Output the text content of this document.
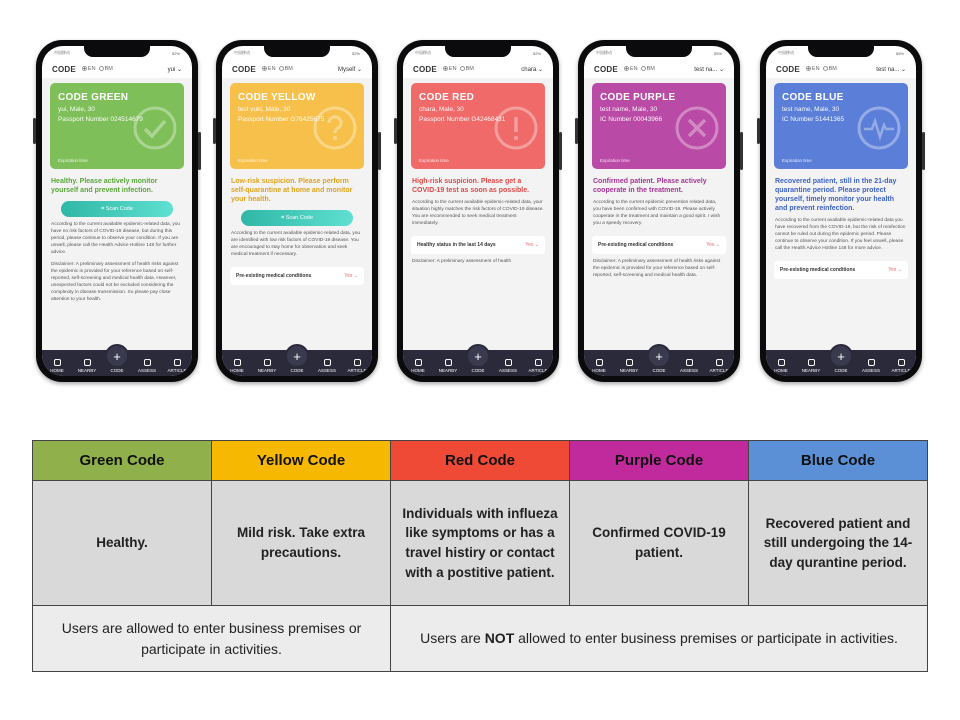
中国移动	52%
CODE	EN	BM	yui ⌄
CODE GREEN
yui, Male, 30
Passport Number 024514679
Expiration time
Healthy. Please actively monitor yourself and prevent infection.
⌗ Scan Code
According to the current available epidemic-related data, you have no risk factors of COVID-19 disease, but during this period, please continue to observe your condition. If you are unwell, please call the Health Advice Hotline 148 for further advice.
Disclaimer: A preliminary assessment of health risks against the epidemic is provided for your reference based on self-reported, self-screening and medical health data. However, unexpected factors could not be excluded considering the complexity in disease transmission. So please pay close attention to your health.
HOME	NEARBY	CODE	ASSESS	ARTICLE
+
中国移动	52%
CODE	EN	BM	Myself ⌄
CODE YELLOW
test yuki, Male, 30
Passport Number G76425675
Expiration time
Low-risk suspicion. Please perform self-quarantine at home and monitor your health.
⌗ Scan Code
According to the current available epidemic-related data, you are identified with low risk factors of COVID-19 disease. You are encouraged to stay home for observation and seek medical treatment if necessary.
Pre-existing medical conditions	Yes ⌄
HOME	NEARBY	CODE	ASSESS	ARTICLE
+
中国移动	52%
CODE	EN	BM	chara ⌄
CODE RED
chara, Male, 30
Passport Number G42468431
Expiration time
High-risk suspicion. Please get a COVID-19 test as soon as possible.
According to the current available epidemic-related data, your situation highly matches the risk factors of COVID-19 disease. You are recommended to seek medical treatment immediately.
Healthy status in the last 14 days	Yes ⌄
Disclaimer: A preliminary assessment of health
HOME	NEARBY	CODE	ASSESS	ARTICLE
+
中国移动	55%
CODE	EN	BM	test na... ⌄
CODE PURPLE
test name, Male, 30
IC Number 00043966
Expiration time
Confirmed patient. Please actively cooperate in the treatment.
According to the current epidemic prevention related data, you have been confirmed with COVID-19. Please actively cooperate in the treatment and maintain a good spirit. I wish you a speedy recovery.
Pre-existing medical conditions	Yes ⌄
Disclaimer: A preliminary assessment of health risks against the epidemic is provided for your reference based on self-reported, self-screening and medical health data.
HOME	NEARBY	CODE	ASSESS	ARTICLE
+
中国移动	55%
CODE	EN	BM	test na... ⌄
CODE BLUE
test name, Male, 30
IC Number 51441365
Expiration time
Recovered patient, still in the 21-day quarantine period. Please protect yourself, timely monitor your health and prevent reinfection.
According to the current available epidemic-related data you have recovered from the COVID-19, but the risk of reinfection cannot be ruled out during the epidemic period. Please continue to observe your condition. If you feel unwell, please call the Health Advice Hotline 148 for more advice.
Pre-existing medical conditions	Yes ⌄
HOME	NEARBY	CODE	ASSESS	ARTICLE
+
Green Code	Yellow Code	Red Code	Purple Code	Blue Code
Healthy.	Mild risk. Take extra precautions.	Individuals with influeza like symptoms or has a travel histiry or contact with a postitive patient.	Confirmed COVID-19 patient.	Recovered patient and still undergoing the 14-day qurantine period.
Users are allowed to enter business premises or participate in activities.		Users are NOT allowed to enter business premises or participate in activities.		
